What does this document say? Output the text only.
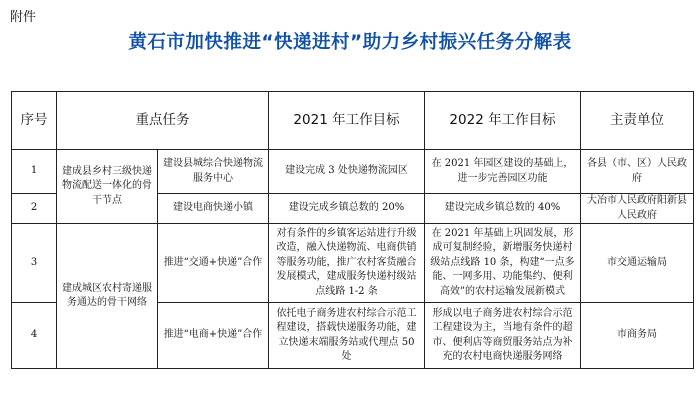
附件
黄石市加快推进“快递进村”助力乡村振兴任务分解表
序号	重点任务		2021 年工作目标	2022 年工作目标	主责单位
1	建成县乡村三级快递物流配送一体化的骨干节点	建设县城综合快递物流服务中心	建设完成 3 处快递物流园区	在 2021 年园区建设的基础上，进一步完善园区功能	各县（市、区）人民政府
2		建设电商快递小镇	建设完成乡镇总数的 20%	建设完成乡镇总数的 40%	大冶市人民政府阳新县人民政府
3	建成城区农村寄递服务通达的骨干网络	推进“交通+快递”合作	对有条件的乡镇客运站进行升级改造，融入快递物流、电商供销等服务功能，推广农村客货融合发展模式，建成服务快递村级站点线路 1-2 条	在 2021 年基础上巩固发展，形成可复制经验，新增服务快递村级站点线路 10 条，构建“一点多能、一网多用、功能集约、便利高效”的农村运输发展新模式	市交通运输局
4		推进“电商+快递”合作	依托电子商务进农村综合示范工程建设，搭载快递服务功能，建立快递末端服务站或代理点 50 处	形成以电子商务进农村综合示范工程建设为主，当地有条件的超市、便利店等商贸服务站点为补充的农村电商快递服务网络	市商务局
